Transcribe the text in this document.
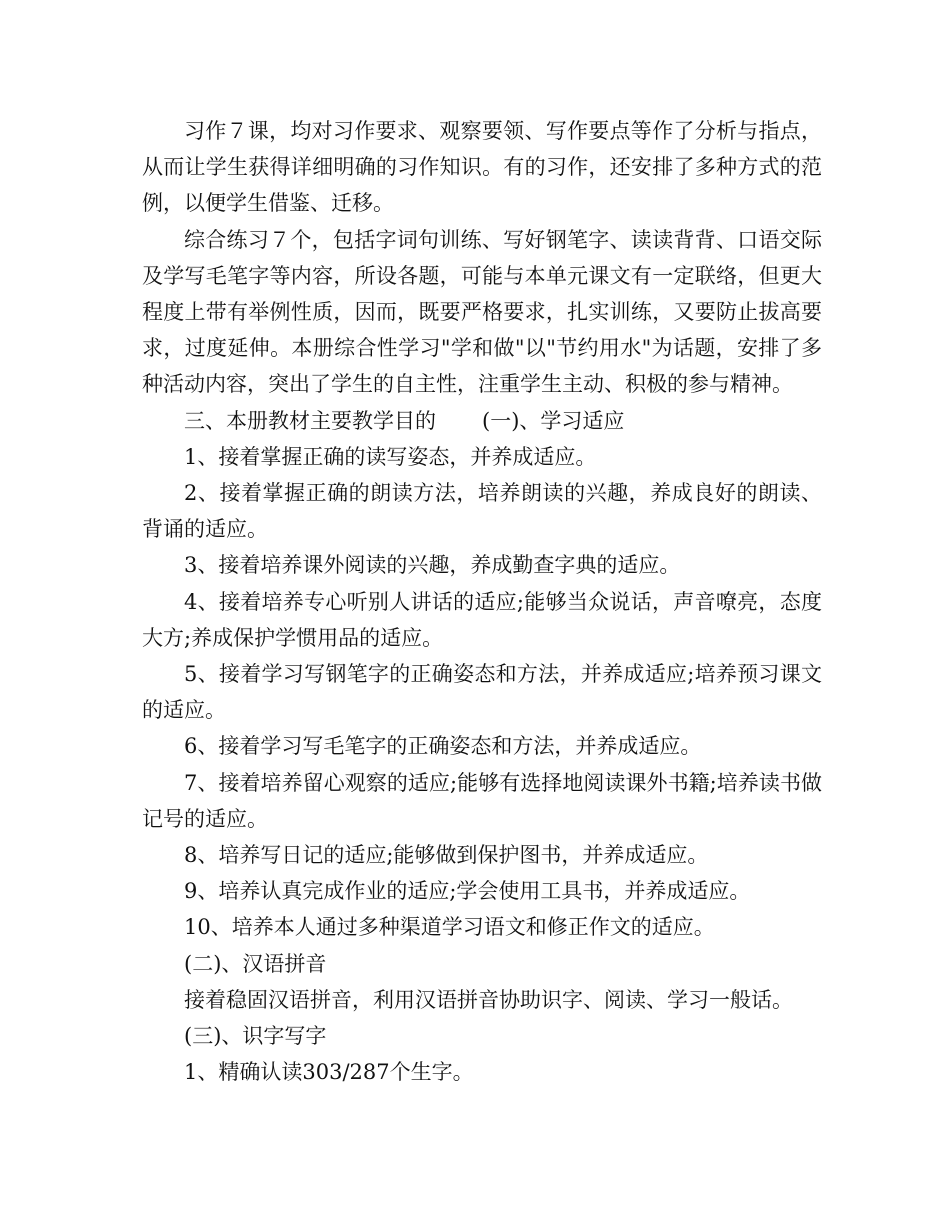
习作７课，均对习作要求、观察要领、写作要点等作了分析与指点，从而让学生获得详细明确的习作知识。有的习作，还安排了多种方式的范例，以便学生借鉴、迁移。

综合练习７个，包括字词句训练、写好钢笔字、读读背背、口语交际及学写毛笔字等内容，所设各题，可能与本单元课文有一定联络，但更大程度上带有举例性质，因而，既要严格要求，扎实训练，又要防止拔高要求，过度延伸。本册综合性学习"学和做"以"节约用水"为话题，安排了多种活动内容，突出了学生的自主性，注重学生主动、积极的参与精神。

三、本册教材主要教学目的 (一)、学习适应

1、接着掌握正确的读写姿态，并养成适应。

2、接着掌握正确的朗读方法，培养朗读的兴趣，养成良好的朗读、背诵的适应。

3、接着培养课外阅读的兴趣，养成勤查字典的适应。

4、接着培养专心听别人讲话的适应;能够当众说话，声音嘹亮，态度大方;养成保护学惯用品的适应。

5、接着学习写钢笔字的正确姿态和方法，并养成适应;培养预习课文的适应。

6、接着学习写毛笔字的正确姿态和方法，并养成适应。

7、接着培养留心观察的适应;能够有选择地阅读课外书籍;培养读书做记号的适应。

8、培养写日记的适应;能够做到保护图书，并养成适应。

9、培养认真完成作业的适应;学会使用工具书，并养成适应。

10、培养本人通过多种渠道学习语文和修正作文的适应。

(二)、汉语拼音

接着稳固汉语拼音，利用汉语拼音协助识字、阅读、学习一般话。

(三)、识字写字

1、精确认读303/287个生字。
